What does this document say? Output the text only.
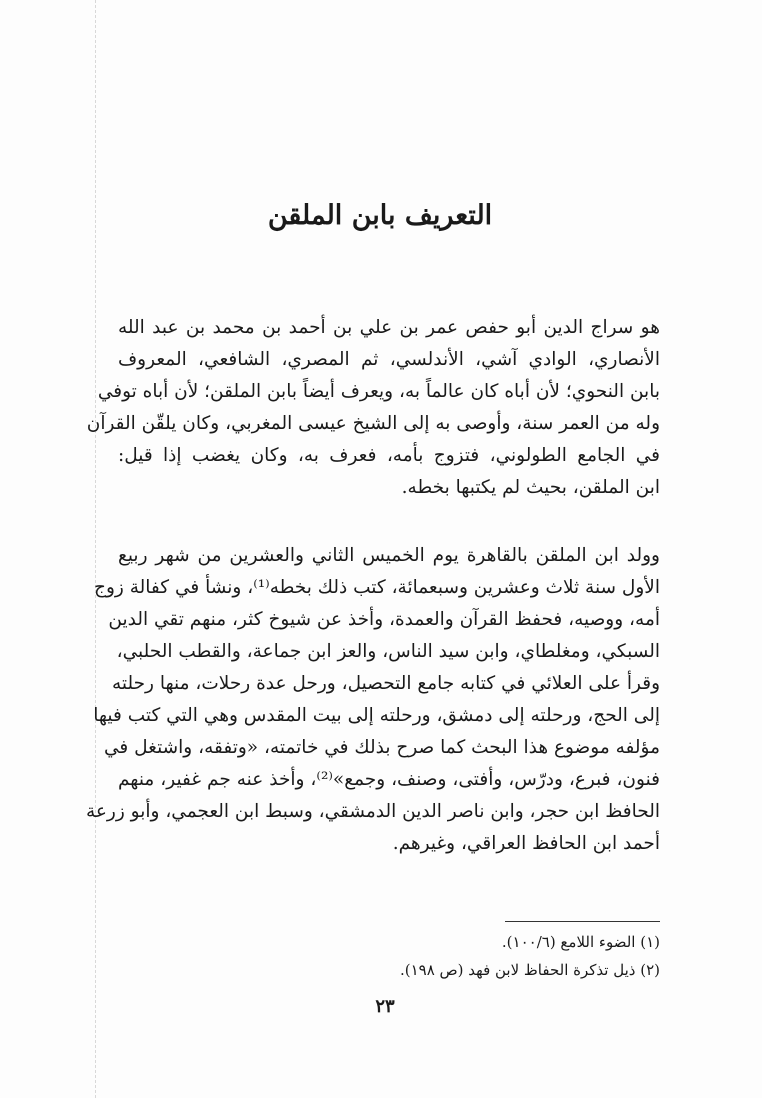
التعريف بابن الملقن
هو سراج الدين أبو حفص عمر بن علي بن أحمد بن محمد بن عبد الله
الأنصاري، الوادي آشي، الأندلسي، ثم المصري، الشافعي، المعروف
بابن النحوي؛ لأن أباه كان عالماً به، ويعرف أيضاً بابن الملقن؛ لأن أباه توفي
وله من العمر سنة، وأوصى به إلى الشيخ عيسى المغربي، وكان يلقّن القرآن
في الجامع الطولوني، فتزوج بأمه، فعرف به، وكان يغضب إذا قيل:
ابن الملقن، بحيث لم يكتبها بخطه.
وولد ابن الملقن بالقاهرة يوم الخميس الثاني والعشرين من شهر ربيع
الأول سنة ثلاث وعشرين وسبعمائة، كتب ذلك بخطه⁽¹⁾، ونشأ في كفالة زوج
أمه، ووصيه، فحفظ القرآن والعمدة، وأخذ عن شيوخ كثر، منهم تقي الدين
السبكي، ومغلطاي، وابن سيد الناس، والعز ابن جماعة، والقطب الحلبي،
وقرأ على العلائي في كتابه جامع التحصيل، ورحل عدة رحلات، منها رحلته
إلى الحج، ورحلته إلى دمشق، ورحلته إلى بيت المقدس وهي التي كتب فيها
مؤلفه موضوع هذا البحث كما صرح بذلك في خاتمته، «وتفقه، واشتغل في
فنون، فبرع، ودرّس، وأفتى، وصنف، وجمع»⁽²⁾، وأخذ عنه جم غفير، منهم
الحافظ ابن حجر، وابن ناصر الدين الدمشقي، وسبط ابن العجمي، وأبو زرعة
أحمد ابن الحافظ العراقي، وغيرهم.
(١) الضوء اللامع (١٠٠/٦).
(٢) ذيل تذكرة الحفاظ لابن فهد (ص ١٩٨).
٢٣
